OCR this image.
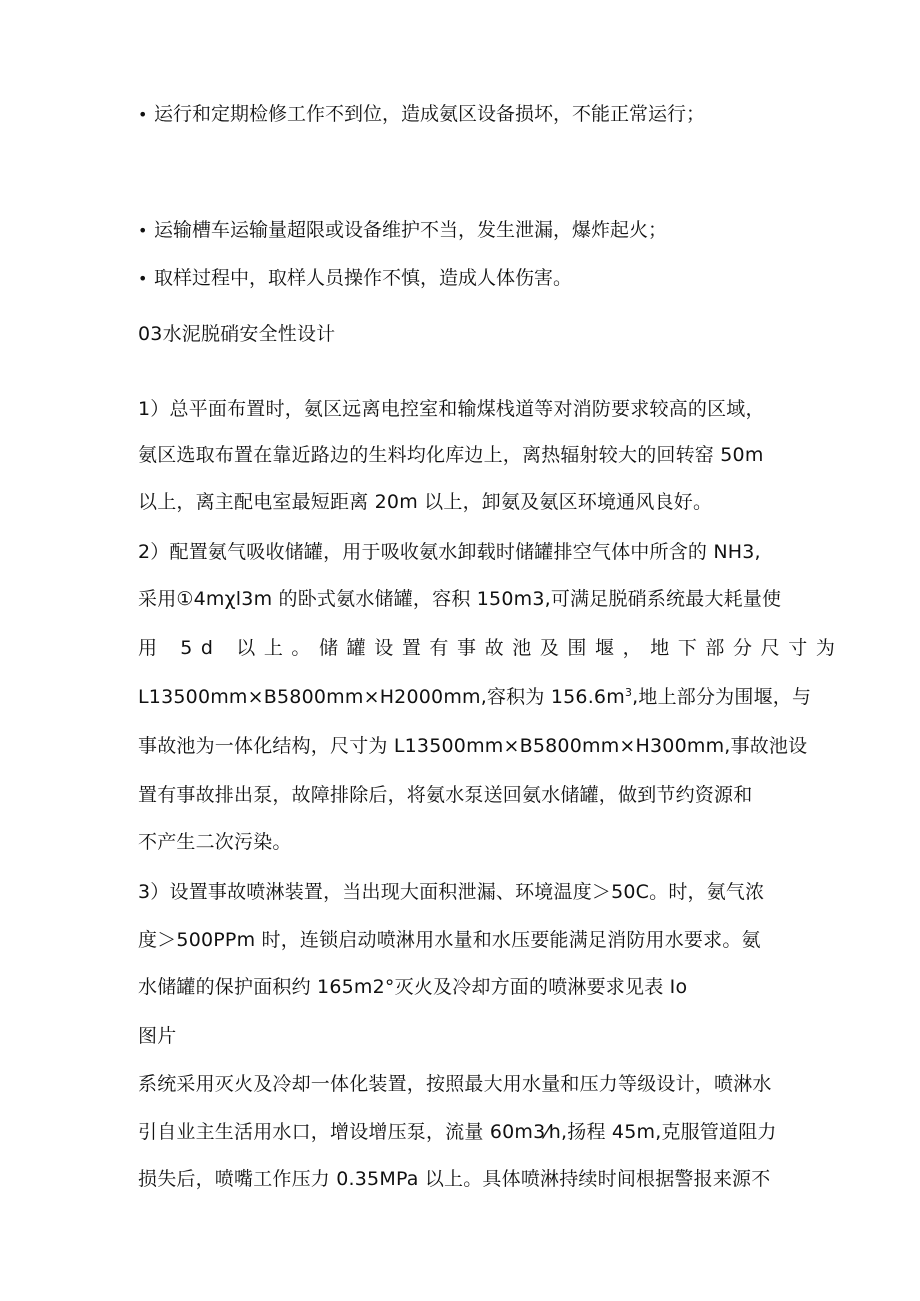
• 运行和定期检修工作不到位，造成氨区设备损坏，不能正常运行；
• 运输槽车运输量超限或设备维护不当，发生泄漏，爆炸起火；
• 取样过程中，取样人员操作不慎，造成人体伤害。
03水泥脱硝安全性设计
1）总平面布置时，氨区远离电控室和输煤栈道等对消防要求较高的区域，
氨区选取布置在靠近路边的生料均化库边上，离热辐射较大的回转窑 50m
以上，离主配电室最短距离 20m 以上，卸氨及氨区环境通风良好。
2）配置氨气吸收储罐，用于吸收氨水卸载时储罐排空气体中所含的 NH3,
采用①4mχl3m 的卧式氨水储罐，容积 150m3,可满足脱硝系统最大耗量使
用 5d 以上。储罐设置有事故池及围堰，地下部分尺寸为
L13500mm×B5800mm×H2000mm,容积为 $156.6m^3$,地上部分为围堰，与
事故池为一体化结构，尺寸为 L13500mm×B5800mm×H300mm,事故池设
置有事故排出泵，故障排除后，将氨水泵送回氨水储罐，做到节约资源和
不产生二次污染。
3）设置事故喷淋装置，当出现大面积泄漏、环境温度＞50C。时，氨气浓
度＞500PPm 时，连锁启动喷淋用水量和水压要能满足消防用水要求。氨
水储罐的保护面积约 165m2°灭火及冷却方面的喷淋要求见表 Io
图片
系统采用灭火及冷却一体化装置，按照最大用水量和压力等级设计，喷淋水
引自业主生活用水口，增设增压泵，流量 60m3⁄h,扬程 45m,克服管道阻力
损失后，喷嘴工作压力 0.35MPa 以上。具体喷淋持续时间根据警报来源不
